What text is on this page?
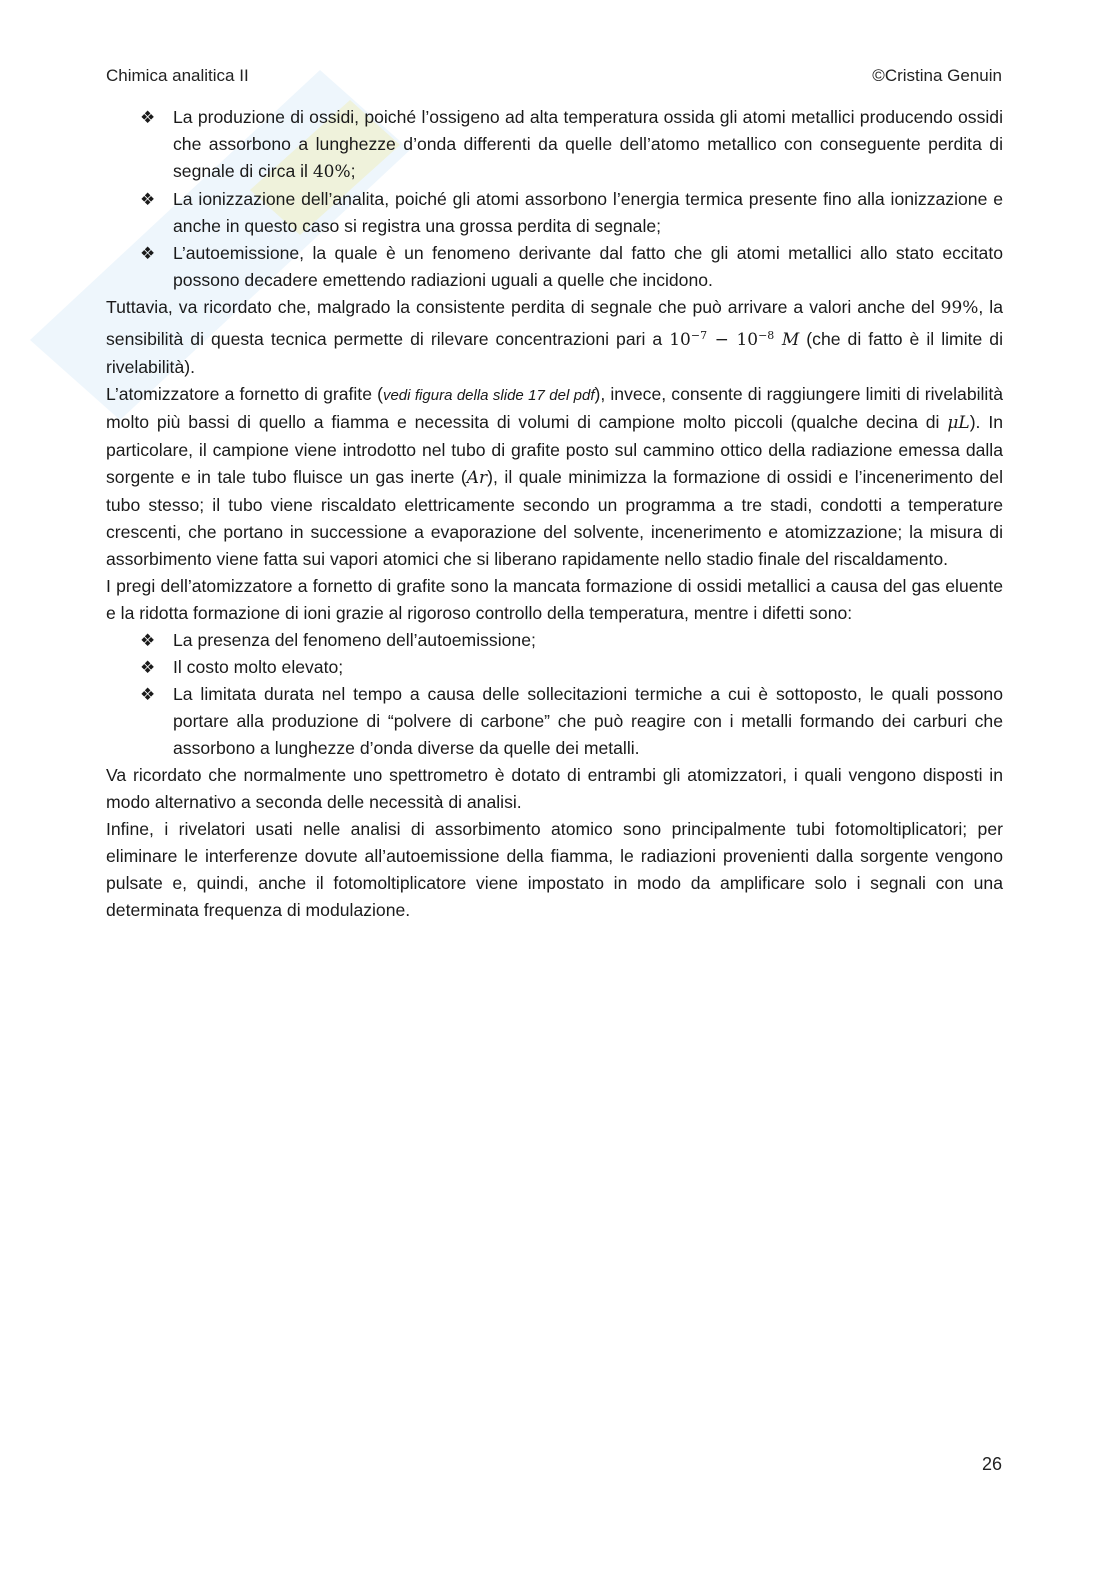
Chimica analitica II	©Cristina Genuin
❖ La produzione di ossidi, poiché l’ossigeno ad alta temperatura ossida gli atomi metallici producendo ossidi che assorbono a lunghezze d’onda differenti da quelle dell’atomo metallico con conseguente perdita di segnale di circa il 40%;
❖ La ionizzazione dell’analita, poiché gli atomi assorbono l’energia termica presente fino alla ionizzazione e anche in questo caso si registra una grossa perdita di segnale;
❖ L’autoemissione, la quale è un fenomeno derivante dal fatto che gli atomi metallici allo stato eccitato possono decadere emettendo radiazioni uguali a quelle che incidono.

Tuttavia, va ricordato che, malgrado la consistente perdita di segnale che può arrivare a valori anche del 99%, la sensibilità di questa tecnica permette di rilevare concentrazioni pari a $10^{-7} - 10^{-8}$ M (che di fatto è il limite di rivelabilità).

L’atomizzatore a fornetto di grafite (vedi figura della slide 17 del pdf), invece, consente di raggiungere limiti di rivelabilità molto più bassi di quello a fiamma e necessita di volumi di campione molto piccoli (qualche decina di μL). In particolare, il campione viene introdotto nel tubo di grafite posto sul cammino ottico della radiazione emessa dalla sorgente e in tale tubo fluisce un gas inerte (Ar), il quale minimizza la formazione di ossidi e l’incenerimento del tubo stesso; il tubo viene riscaldato elettricamente secondo un programma a tre stadi, condotti a temperature crescenti, che portano in successione a evaporazione del solvente, incenerimento e atomizzazione; la misura di assorbimento viene fatta sui vapori atomici che si liberano rapidamente nello stadio finale del riscaldamento.

I pregi dell’atomizzatore a fornetto di grafite sono la mancata formazione di ossidi metallici a causa del gas eluente e la ridotta formazione di ioni grazie al rigoroso controllo della temperatura, mentre i difetti sono:

❖ La presenza del fenomeno dell’autoemissione;
❖ Il costo molto elevato;
❖ La limitata durata nel tempo a causa delle sollecitazioni termiche a cui è sottoposto, le quali possono portare alla produzione di “polvere di carbone” che può reagire con i metalli formando dei carburi che assorbono a lunghezze d’onda diverse da quelle dei metalli.

Va ricordato che normalmente uno spettrometro è dotato di entrambi gli atomizzatori, i quali vengono disposti in modo alternativo a seconda delle necessità di analisi.

Infine, i rivelatori usati nelle analisi di assorbimento atomico sono principalmente tubi fotomoltiplicatori; per eliminare le interferenze dovute all’autoemissione della fiamma, le radiazioni provenienti dalla sorgente vengono pulsate e, quindi, anche il fotomoltiplicatore viene impostato in modo da amplificare solo i segnali con una determinata frequenza di modulazione.

26
